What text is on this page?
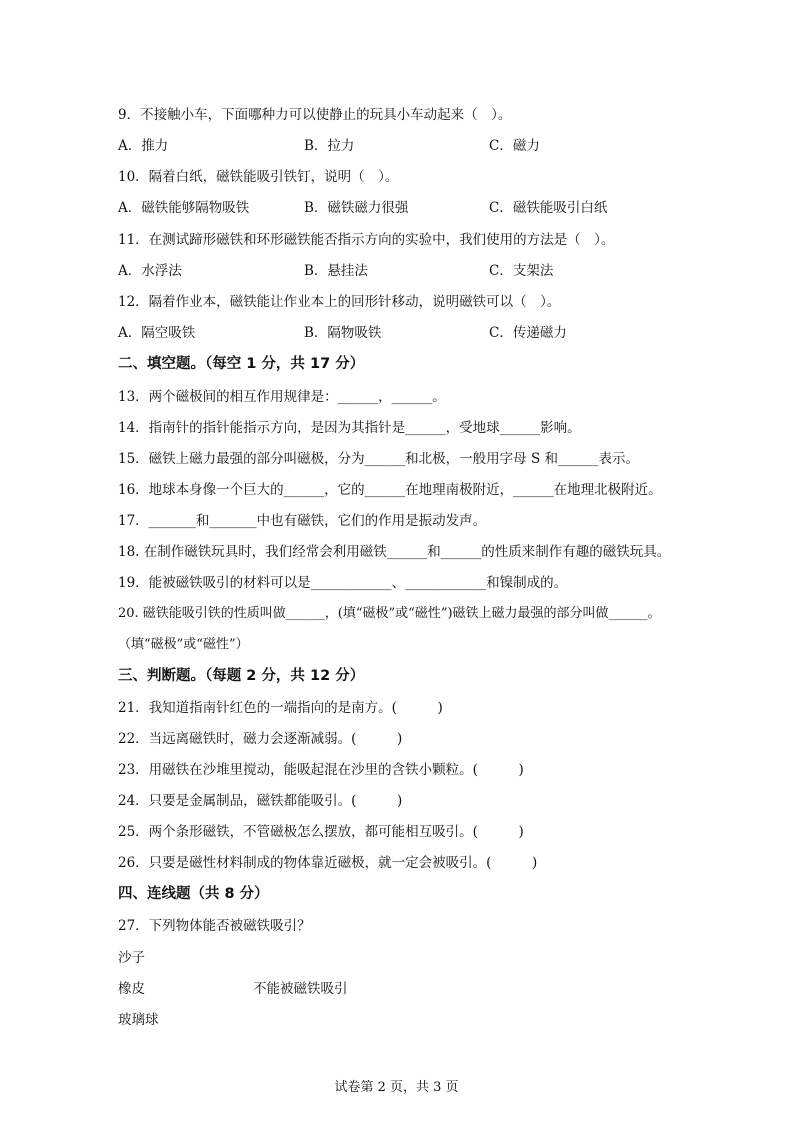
9．不接触小车，下面哪种力可以使静止的玩具小车动起来（　）。
A．推力	B．拉力	C．磁力
10．隔着白纸，磁铁能吸引铁钉，说明（　）。
A．磁铁能够隔物吸铁	B．磁铁磁力很强	C．磁铁能吸引白纸
11．在测试蹄形磁铁和环形磁铁能否指示方向的实验中，我们使用的方法是（　）。
A．水浮法	B．悬挂法	C．支架法
12．隔着作业本，磁铁能让作业本上的回形针移动，说明磁铁可以（　）。
A．隔空吸铁	B．隔物吸铁	C．传递磁力
二、填空题。（每空 1 分，共 17 分）
13．两个磁极间的相互作用规律是：______，______。
14．指南针的指针能指示方向，是因为其指针是______，受地球______影响。
15．磁铁上磁力最强的部分叫磁极，分为______和北极，一般用字母 S 和______表示。
16．地球本身像一个巨大的______，它的______在地理南极附近，______在地理北极附近。
17．_______和_______中也有磁铁，它们的作用是振动发声。
18. 在制作磁铁玩具时，我们经常会利用磁铁______和______的性质来制作有趣的磁铁玩具。
19．能被磁铁吸引的材料可以是____________、____________和镍制成的。
20. 磁铁能吸引铁的性质叫做______，(填“磁极”或“磁性”)磁铁上磁力最强的部分叫做______。
（填“磁极”或“磁性”）
三、判断题。（每题 2 分，共 12 分）
21．我知道指南针红色的一端指向的是南方。(　　　)
22．当远离磁铁时，磁力会逐渐减弱。(　　　)
23．用磁铁在沙堆里搅动，能吸起混在沙里的含铁小颗粒。(　　　)
24．只要是金属制品，磁铁都能吸引。(　　　)
25．两个条形磁铁，不管磁极怎么摆放，都可能相互吸引。(　　　)
26．只要是磁性材料制成的物体靠近磁极，就一定会被吸引。(　　　)
四、连线题（共 8 分）
27．下列物体能否被磁铁吸引？
沙子
橡皮	不能被磁铁吸引
玻璃球
试卷第 2 页，共 3 页
